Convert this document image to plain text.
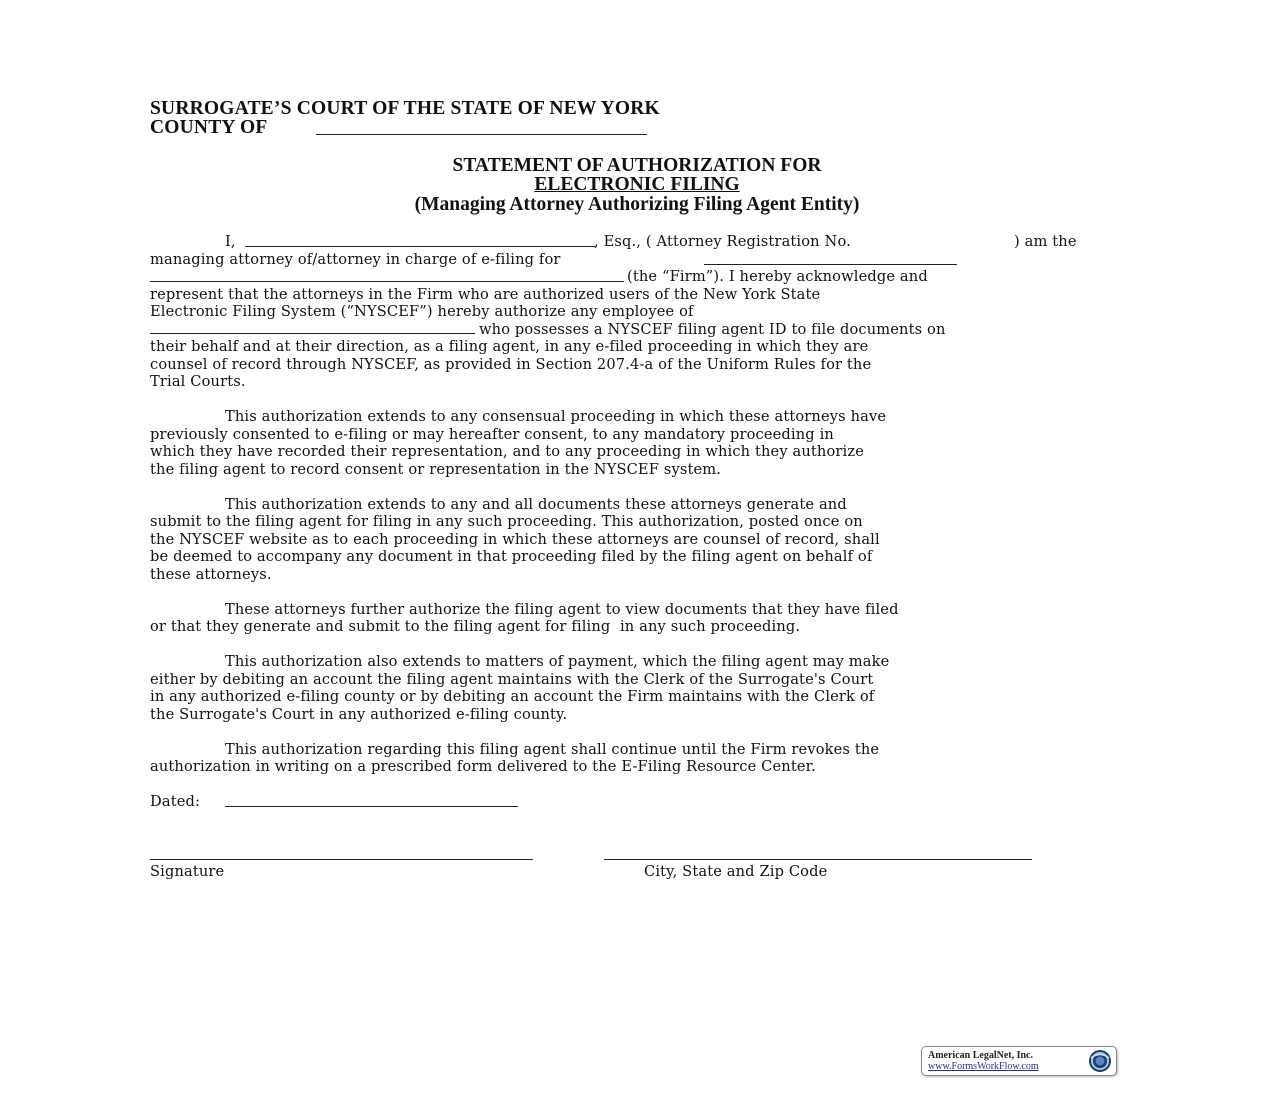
SURROGATE’S COURT OF THE STATE OF NEW YORK
COUNTY OF
STATEMENT OF AUTHORIZATION FOR
ELECTRONIC FILING
(Managing Attorney Authorizing Filing Agent Entity)
I,	, Esq., ( Attorney Registration No.	) am the
managing attorney of/attorney in charge of e-filing for
(the “Firm”). I hereby acknowledge and
represent that the attorneys in the Firm who are authorized users of the New York State
Electronic Filing System (“NYSCEF”) hereby authorize any employee of
who possesses a NYSCEF filing agent ID to file documents on
their behalf and at their direction, as a filing agent, in any e-filed proceeding in which they are
counsel of record through NYSCEF, as provided in Section 207.4-a of the Uniform Rules for the
Trial Courts.
This authorization extends to any consensual proceeding in which these attorneys have
previously consented to e-filing or may hereafter consent, to any mandatory proceeding in
which they have recorded their representation, and to any proceeding in which they authorize
the filing agent to record consent or representation in the NYSCEF system.
This authorization extends to any and all documents these attorneys generate and
submit to the filing agent for filing in any such proceeding. This authorization, posted once on
the NYSCEF website as to each proceeding in which these attorneys are counsel of record, shall
be deemed to accompany any document in that proceeding filed by the filing agent on behalf of
these attorneys.
These attorneys further authorize the filing agent to view documents that they have filed
or that they generate and submit to the filing agent for filing  in any such proceeding.
This authorization also extends to matters of payment, which the filing agent may make
either by debiting an account the filing agent maintains with the Clerk of the Surrogate's Court
in any authorized e-filing county or by debiting an account the Firm maintains with the Clerk of
the Surrogate's Court in any authorized e-filing county.
This authorization regarding this filing agent shall continue until the Firm revokes the
authorization in writing on a prescribed form delivered to the E-Filing Resource Center.
Dated:
Signature	City, State and Zip Code
American LegalNet, Inc.
www.FormsWorkFlow.com
